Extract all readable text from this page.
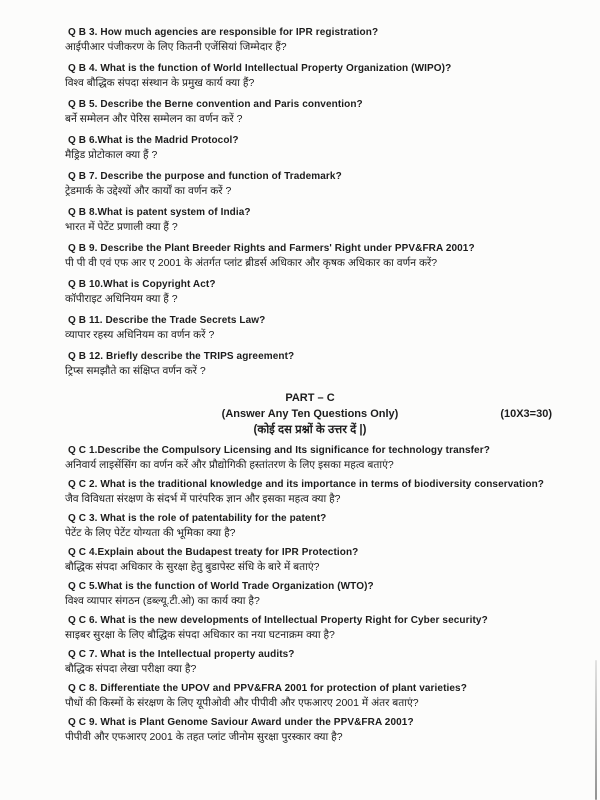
Q B 3. How much agencies are responsible for IPR registration?
आईपीआर पंजीकरण के लिए कितनी एजेंसियां जिम्मेदार हैं?
Q B 4. What is the function of World Intellectual Property Organization (WIPO)?
विश्व बौद्धिक संपदा संस्थान के प्रमुख कार्य क्या हैं?
Q B 5. Describe the Berne convention and Paris convention?
बर्ने सम्मेलन और पेरिस सम्मेलन का वर्णन करें ?
Q B 6.What is the Madrid Protocol?
मैड्रिड प्रोटोकाल क्या हैं ?
Q B 7. Describe the purpose and function of Trademark?
ट्रेडमार्क के उद्देश्यों और कार्यों का वर्णन करें ?
Q B 8.What is patent system of India?
भारत में पेटेंट प्रणाली क्या हैं ?
Q B 9. Describe the Plant Breeder Rights and Farmers' Right under PPV&FRA 2001?
पी पी वी एवं एफ आर ए 2001 के अंतर्गत प्लांट ब्रीडर्स अधिकार और कृषक अधिकार का वर्णन करें?
Q B 10.What is Copyright Act?
कॉपीराइट अधिनियम क्या हैं ?
Q B 11. Describe the Trade Secrets Law?
व्यापार रहस्य अधिनियम का वर्णन करें ?
Q B 12. Briefly describe the TRIPS agreement?
ट्रिप्स समझौते का संक्षिप्त वर्णन करें ?
PART – C
(Answer Any Ten Questions Only)	(10X3=30)
(कोई दस प्रश्नों के उत्तर दें |)
Q C 1.Describe the Compulsory Licensing and Its significance for technology transfer?
अनिवार्य लाइसेंसिंग का वर्णन करें और प्रौद्योगिकी हस्तांतरण के लिए इसका महत्व बताएं?
Q C 2. What is the traditional knowledge and its importance in terms of biodiversity conservation?
जैव विविधता संरक्षण के संदर्भ में पारंपरिक ज्ञान और इसका महत्व क्या है?
Q C 3. What is the role of patentability for the patent?
पेटेंट के लिए पेटेंट योग्यता की भूमिका क्या है?
Q C 4.Explain about the Budapest treaty for IPR Protection?
बौद्धिक संपदा अधिकार के सुरक्षा हेतु बुडापेस्ट संधि के बारे में बताएं?
Q C 5.What is the function of World Trade Organization (WTO)?
विश्व व्यापार संगठन (डब्ल्यू.टी.ओ) का कार्य क्या है?
Q C 6. What is the new developments of Intellectual Property Right for Cyber security?
साइबर सुरक्षा के लिए बौद्धिक संपदा अधिकार का नया घटनाक्रम क्या है?
Q C 7. What is the Intellectual property audits?
बौद्धिक संपदा लेखा परीक्षा क्या है?
Q C 8. Differentiate the UPOV and PPV&FRA 2001 for protection of plant varieties?
पौधों की किस्मों के संरक्षण के लिए यूपीओवी और पीपीवी और एफआरए 2001 में अंतर बताएं?
Q C 9. What is Plant Genome Saviour Award under the PPV&FRA 2001?
पीपीवी और एफआरए 2001 के तहत प्लांट जीनोम सुरक्षा पुरस्कार क्या है?
